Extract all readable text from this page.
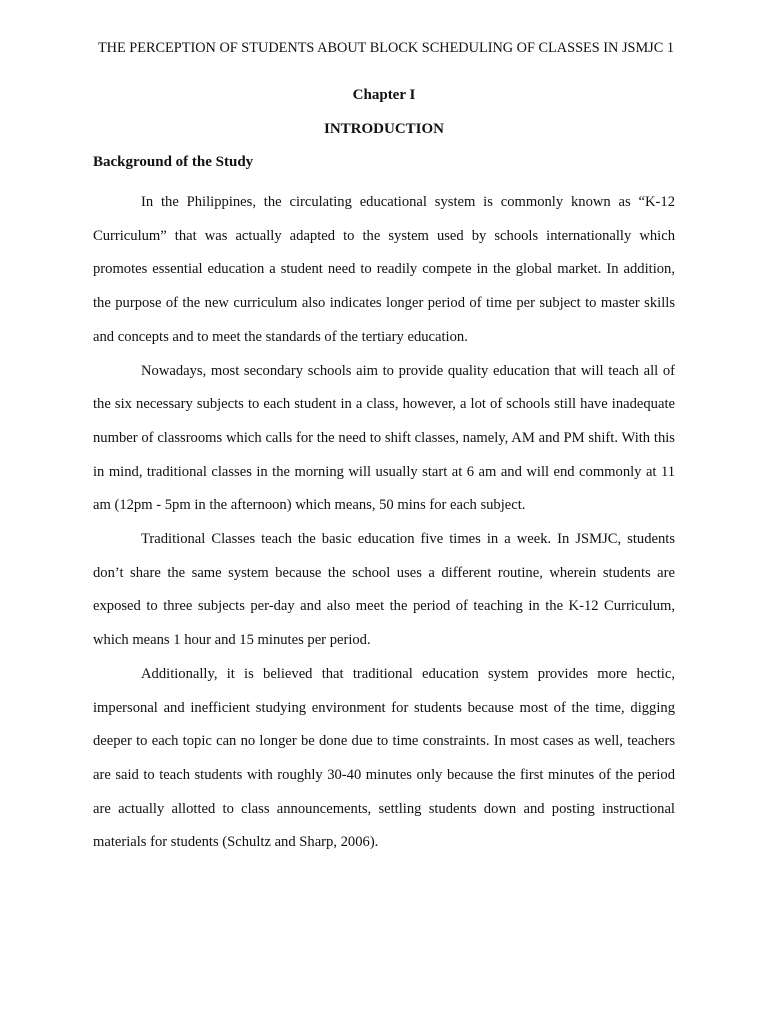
THE PERCEPTION OF STUDENTS ABOUT BLOCK SCHEDULING OF CLASSES IN JSMJC 1
Chapter I
INTRODUCTION
Background of the Study

In the Philippines, the circulating educational system is commonly known as “K-12 Curriculum” that was actually adapted to the system used by schools internationally which promotes essential education a student need to readily compete in the global market. In addition, the purpose of the new curriculum also indicates longer period of time per subject to master skills and concepts and to meet the standards of the tertiary education.

Nowadays, most secondary schools aim to provide quality education that will teach all of the six necessary subjects to each student in a class, however, a lot of schools still have inadequate number of classrooms which calls for the need to shift classes, namely, AM and PM shift. With this in mind, traditional classes in the morning will usually start at 6 am and will end commonly at 11 am (12pm - 5pm in the afternoon) which means, 50 mins for each subject.

Traditional Classes teach the basic education five times in a week. In JSMJC, students don’t share the same system because the school uses a different routine, wherein students are exposed to three subjects per-day and also meet the period of teaching in the K-12 Curriculum, which means 1 hour and 15 minutes per period.

Additionally, it is believed that traditional education system provides more hectic, impersonal and inefficient studying environment for students because most of the time, digging deeper to each topic can no longer be done due to time constraints. In most cases as well, teachers are said to teach students with roughly 30-40 minutes only because the first minutes of the period are actually allotted to class announcements, settling students down and posting instructional materials for students (Schultz and Sharp, 2006).
